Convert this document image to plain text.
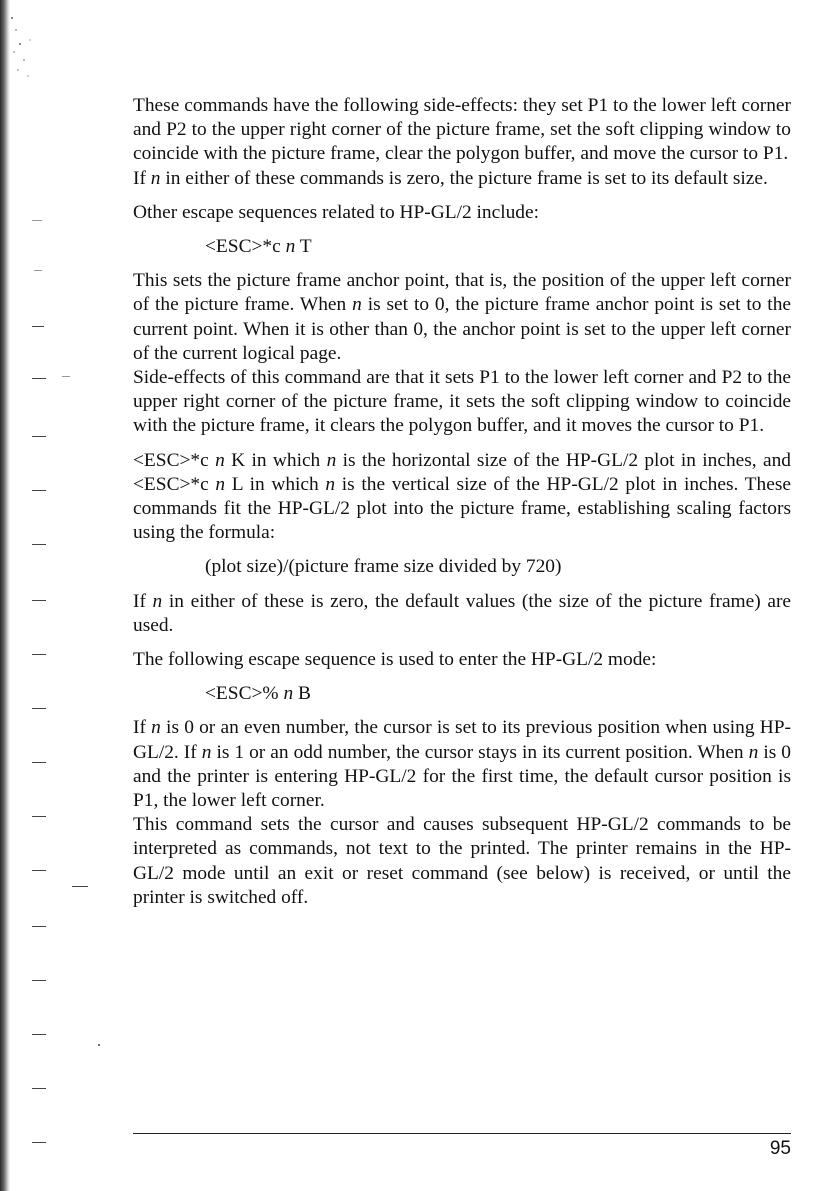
These commands have the following side-effects: they set P1 to the lower left corner and P2 to the upper right corner of the picture frame, set the soft clipping window to coincide with the picture frame, clear the polygon buffer, and move the cursor to P1.

If n in either of these commands is zero, the picture frame is set to its default size.

Other escape sequences related to HP-GL/2 include:

<ESC>*c n T

This sets the picture frame anchor point, that is, the position of the upper left corner of the picture frame. When n is set to 0, the picture frame anchor point is set to the current point. When it is other than 0, the anchor point is set to the upper left corner of the current logical page.

Side-effects of this command are that it sets P1 to the lower left corner and P2 to the upper right corner of the picture frame, it sets the soft clipping window to coincide with the picture frame, it clears the polygon buffer, and it moves the cursor to P1.

<ESC>*c n K in which n is the horizontal size of the HP-GL/2 plot in inches, and <ESC>*c n L in which n is the vertical size of the HP-GL/2 plot in inches. These commands fit the HP-GL/2 plot into the picture frame, establishing scaling factors using the formula:

(plot size)/(picture frame size divided by 720)

If n in either of these is zero, the default values (the size of the picture frame) are used.

The following escape sequence is used to enter the HP-GL/2 mode:

<ESC>% n B

If n is 0 or an even number, the cursor is set to its previous position when using HP-GL/2. If n is 1 or an odd number, the cursor stays in its current position. When n is 0 and the printer is entering HP-GL/2 for the first time, the default cursor position is P1, the lower left corner.

This command sets the cursor and causes subsequent HP-GL/2 commands to be interpreted as commands, not text to the printed. The printer remains in the HP-GL/2 mode until an exit or reset command (see below) is received, or until the printer is switched off.

95
